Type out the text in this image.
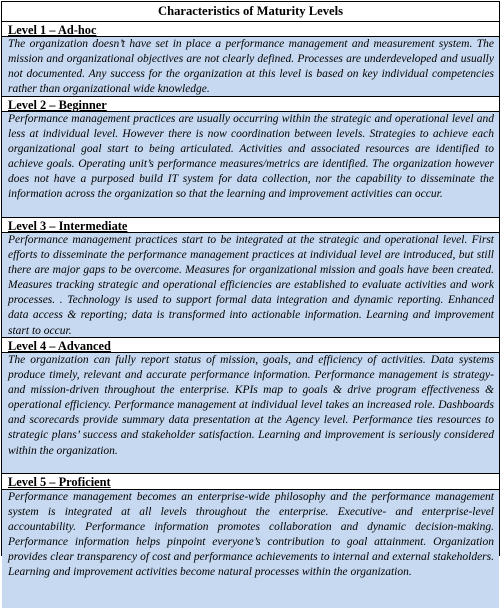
Characteristics of Maturity Levels
Level 1 – Ad-hoc
The organization doesn’t have set in place a performance management and measurement system. The mission and organizational objectives are not clearly defined. Processes are underdeveloped and usually not documented. Any success for the organization at this level is based on key individual competencies rather than organizational wide knowledge.
Level 2 – Beginner
Performance management practices are usually occurring within the strategic and operational level and less at individual level. However there is now coordination between levels. Strategies to achieve each organizational goal start to being articulated. Activities and associated resources are identified to achieve goals. Operating unit’s performance measures/metrics are identified. The organization however does not have a purposed build IT system for data collection, nor the capability to disseminate the information across the organization so that the learning and improvement activities can occur.
Level 3 – Intermediate
Performance management practices start to be integrated at the strategic and operational level. First efforts to disseminate the performance management practices at individual level are introduced, but still there are major gaps to be overcome. Measures for organizational mission and goals have been created. Measures tracking strategic and operational efficiencies are established to evaluate activities and work processes. . Technology is used to support formal data integration and dynamic reporting. Enhanced data access & reporting; data is transformed into actionable information. Learning and improvement start to occur.
Level 4 – Advanced
The organization can fully report status of mission, goals, and efficiency of activities. Data systems produce timely, relevant and accurate performance information. Performance management is strategy- and mission-driven throughout the enterprise. KPIs map to goals & drive program effectiveness & operational efficiency. Performance management at individual level takes an increased role. Dashboards and scorecards provide summary data presentation at the Agency level. Performance ties resources to strategic plans’ success and stakeholder satisfaction. Learning and improvement is seriously considered within the organization.
Level 5 – Proficient
Performance management becomes an enterprise-wide philosophy and the performance management system is integrated at all levels throughout the enterprise. Executive- and enterprise-level accountability. Performance information promotes collaboration and dynamic decision-making. Performance information helps pinpoint everyone’s contribution to goal attainment. Organization provides clear transparency of cost and performance achievements to internal and external stakeholders. Learning and improvement activities become natural processes within the organization.
